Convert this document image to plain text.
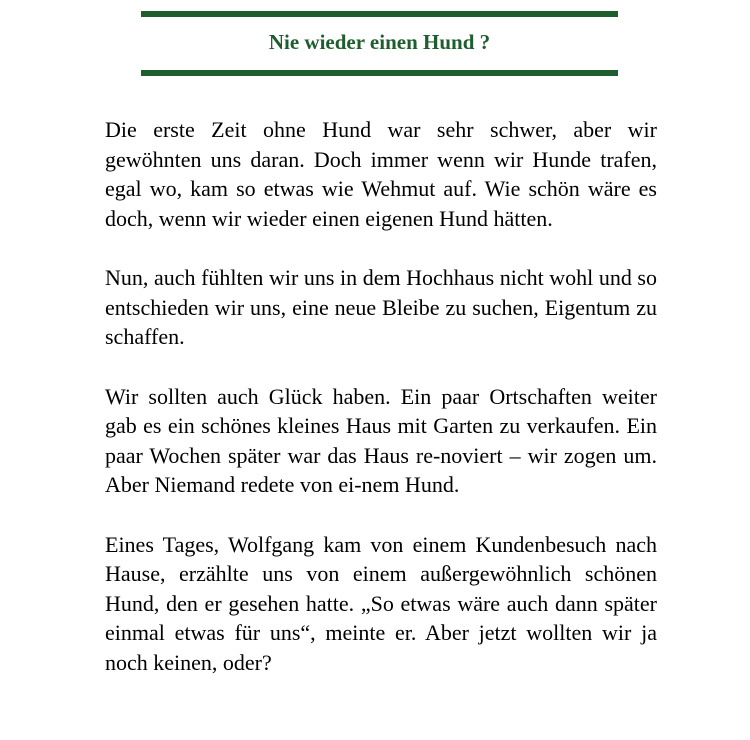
Nie wieder einen Hund ?

Die erste Zeit ohne Hund war sehr schwer, aber wir gewöhnten uns daran. Doch immer wenn wir Hunde trafen, egal wo, kam so etwas wie Wehmut auf. Wie schön wäre es doch, wenn wir wieder einen eigenen Hund hätten.

Nun, auch fühlten wir uns in dem Hochhaus nicht wohl und so entschieden wir uns, eine neue Bleibe zu suchen, Eigentum zu schaffen.

Wir sollten auch Glück haben. Ein paar Ortschaften weiter gab es ein schönes kleines Haus mit Garten zu verkaufen. Ein paar Wochen später war das Haus re-noviert – wir zogen um. Aber Niemand redete von ei-nem Hund.

Eines Tages, Wolfgang kam von einem Kundenbesuch nach Hause, erzählte uns von einem außergewöhnlich schönen Hund, den er gesehen hatte. „So etwas wäre auch dann später einmal etwas für uns“, meinte er. Aber jetzt wollten wir ja noch keinen, oder?
